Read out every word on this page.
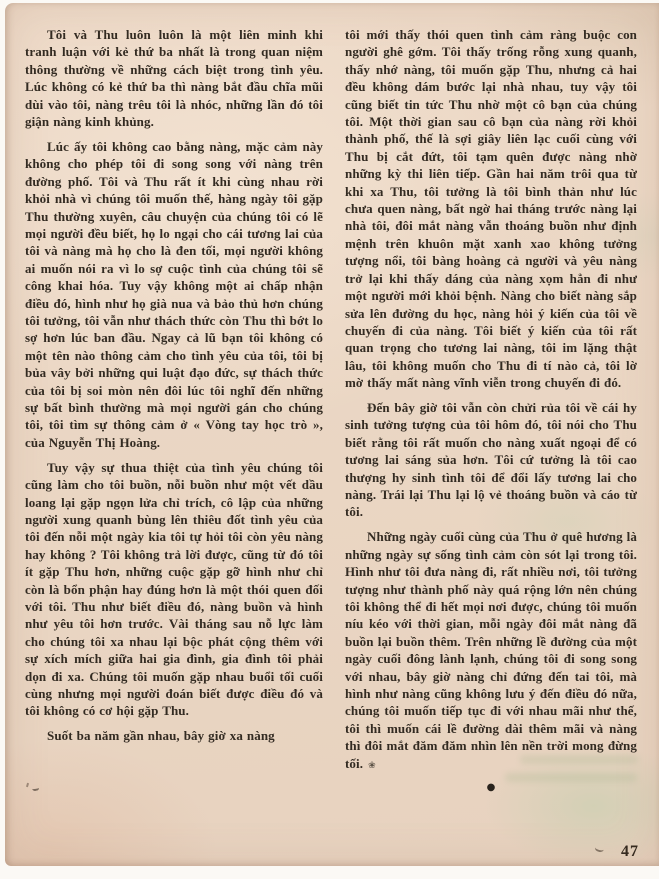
Tôi và Thu luôn luôn là một liên minh khi tranh luận với kẻ thứ ba nhất là trong quan niệm thông thường về những cách biệt trong tình yêu. Lúc không có kẻ thứ ba thì nàng bắt đầu chĩa mũi dùi vào tôi, nàng trêu tôi là nhóc, những lần đó tôi giận nàng kinh khủng.

Lúc ấy tôi không cao bằng nàng, mặc cảm này không cho phép tôi đi song song với nàng trên đường phố. Tôi và Thu rất ít khi cùng nhau rời khỏi nhà vì chúng tôi muốn thế, hàng ngày tôi gặp Thu thường xuyên, câu chuyện của chúng tôi có lẽ mọi người đều biết, họ lo ngại cho cái tương lai của tôi và nàng mà họ cho là đen tối, mọi người không ai muốn nói ra vì lo sợ cuộc tình của chúng tôi sẽ công khai hóa. Tuy vậy không một ai chấp nhận điều đó, hình như họ già nua và bảo thủ hơn chúng tôi tưởng, tôi vẫn như thách thức còn Thu thì bớt lo sợ hơn lúc ban đầu. Ngay cả lũ bạn tôi không có một tên nào thông cảm cho tình yêu của tôi, tôi bị bủa vây bởi những qui luật đạo đức, sự thách thức của tôi bị soi mòn nên đôi lúc tôi nghĩ đến những sự bất bình thường mà mọi người gán cho chúng tôi, tôi tìm sự thông cảm ở « Vòng tay học trò », của Nguyễn Thị Hoàng.

Tuy vậy sự thua thiệt của tình yêu chúng tôi cũng làm cho tôi buồn, nỗi buồn như một vết dầu loang lại gặp ngọn lửa chỉ trích, cô lập của những người xung quanh bùng lên thiêu đốt tình yêu của tôi đến nỗi một ngày kia tôi tự hỏi tôi còn yêu nàng hay không ? Tôi không trả lời được, cũng từ đó tôi ít gặp Thu hơn, những cuộc gặp gỡ hình như chỉ còn là bổn phận hay đúng hơn là một thói quen đối với tôi. Thu như biết điều đó, nàng buồn và hình như yêu tôi hơn trước. Vài tháng sau nỗ lực làm cho chúng tôi xa nhau lại bộc phát cộng thêm với sự xích mích giữa hai gia đình, gia đình tôi phải dọn đi xa. Chúng tôi muốn gặp nhau buổi tối cuối cùng nhưng mọi người đoán biết được điều đó và tôi không có cơ hội gặp Thu.

Suốt ba năm gần nhau, bây giờ xa nàng

tôi mới thấy thói quen tình cảm ràng buộc con người ghê gớm. Tôi thấy trống rỗng xung quanh, thấy nhớ nàng, tôi muốn gặp Thu, nhưng cả hai đều không dám bước lại nhà nhau, tuy vậy tôi cũng biết tin tức Thu nhờ một cô bạn của chúng tôi. Một thời gian sau cô bạn của nàng rời khỏi thành phố, thế là sợi giây liên lạc cuối cùng với Thu bị cắt đứt, tôi tạm quên được nàng nhờ những kỳ thi liên tiếp. Gần hai năm trôi qua từ khi xa Thu, tôi tưởng là tôi bình thản như lúc chưa quen nàng, bất ngờ hai tháng trước nàng lại nhà tôi, đôi mắt nàng vẫn thoáng buồn như định mệnh trên khuôn mặt xanh xao không tưởng tượng nổi, tôi bàng hoàng cả người và yêu nàng trở lại khi thấy dáng của nàng xọm hẳn đi như một người mới khỏi bệnh. Nàng cho biết nàng sắp sửa lên đường du học, nàng hỏi ý kiến của tôi về chuyến đi của nàng. Tôi biết ý kiến của tôi rất quan trọng cho tương lai nàng, tôi im lặng thật lâu, tôi không muốn cho Thu đi tí nào cả, tôi lờ mờ thấy mất nàng vĩnh viễn trong chuyến đi đó.

Đến bây giờ tôi vẫn còn chửi rủa tôi về cái hy sinh tưởng tượng của tôi hôm đó, tôi nói cho Thu biết rằng tôi rất muốn cho nàng xuất ngoại để có tương lai sáng sủa hơn. Tôi cứ tưởng là tôi cao thượng hy sinh tình tôi để đổi lấy tương lai cho nàng. Trái lại Thu lại lộ vẻ thoáng buồn và cáo từ tôi.

Những ngày cuối cùng của Thu ở quê hương là những ngày sự sống tình cảm còn sót lại trong tôi. Hình như tôi đưa nàng đi, rất nhiều nơi, tôi tưởng tượng như thành phố này quá rộng lớn nên chúng tôi không thể đi hết mọi nơi được, chúng tôi muốn níu kéo với thời gian, mỗi ngày đôi mắt nàng đã buồn lại buồn thêm. Trên những lề đường của một ngày cuối đông lành lạnh, chúng tôi đi song song với nhau, bây giờ nàng chỉ đứng đến tai tôi, mà hình như nàng cũng không lưu ý đến điều đó nữa, chúng tôi muốn tiếp tục đi với nhau mãi như thế, tôi thì muốn cái lề đường dài thêm mãi và nàng thì đôi mắt đăm đăm nhìn lên nền trời mong đừng tối. ❀

●
47
